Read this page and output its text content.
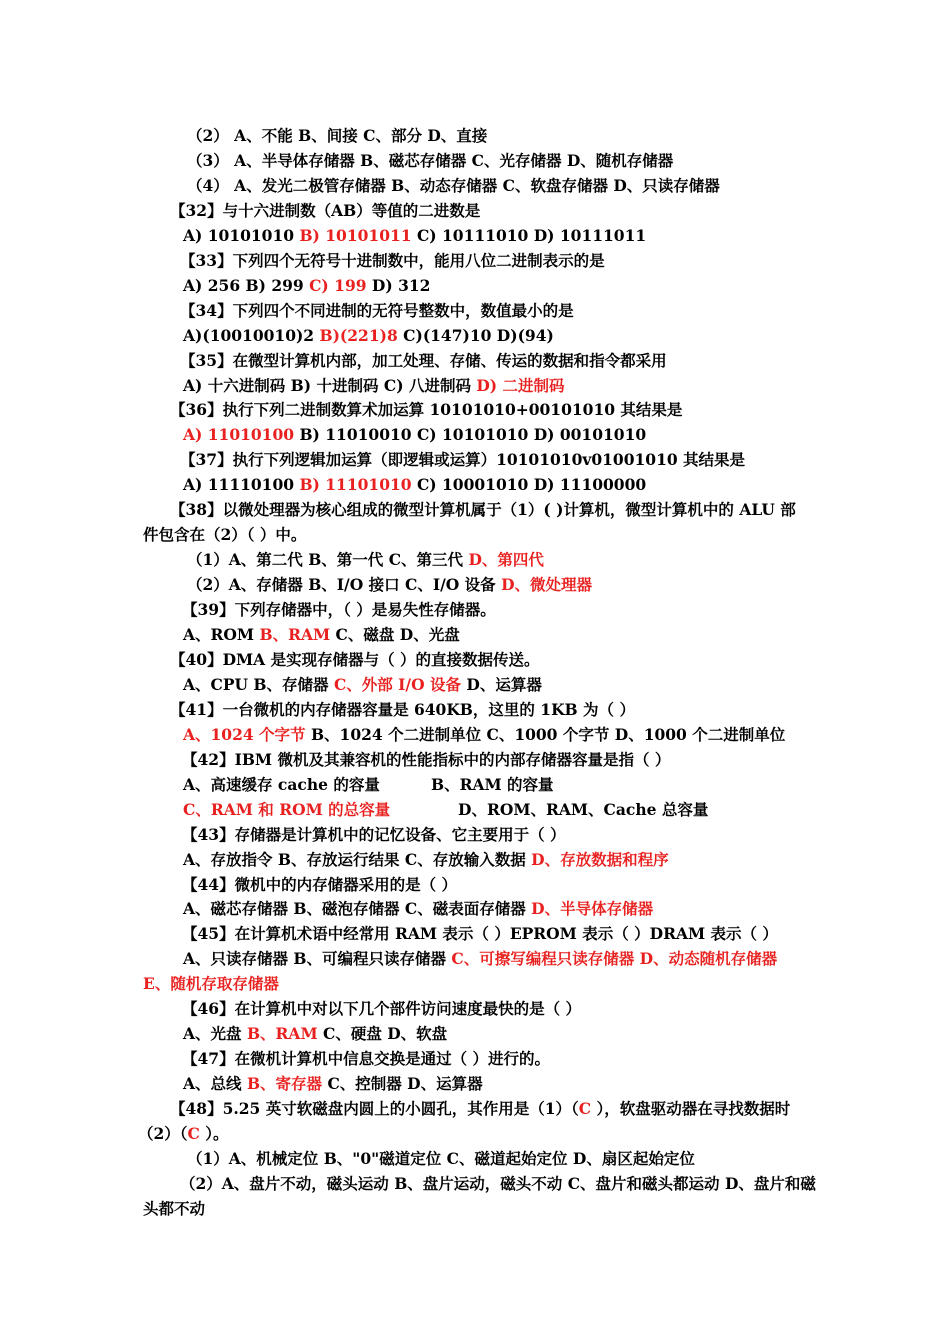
（2） A、不能 B、间接 C、部分 D、直接
（3） A、半导体存储器 B、磁芯存储器 C、光存储器 D、随机存储器
（4） A、发光二极管存储器 B、动态存储器 C、软盘存储器 D、只读存储器
【32】与十六进制数（AB）等值的二进数是
A) 10101010 B) 10101011 C) 10111010 D) 10111011
【33】下列四个无符号十进制数中，能用八位二进制表示的是
A) 256 B) 299 C) 199 D) 312
【34】下列四个不同进制的无符号整数中，数值最小的是
A)(10010010)2 B)(221)8 C)(147)10 D)(94)
【35】在微型计算机内部，加工处理、存储、传运的数据和指令都采用
A) 十六进制码 B) 十进制码 C) 八进制码 D) 二进制码
【36】执行下列二进制数算术加运算 10101010+00101010 其结果是
A) 11010100 B) 11010010 C) 10101010 D) 00101010
【37】执行下列逻辑加运算（即逻辑或运算）10101010v01001010 其结果是
A) 11110100 B) 11101010 C) 10001010 D) 11100000
【38】以微处理器为核心组成的微型计算机属于（1）( )计算机，微型计算机中的 ALU 部
件包含在（2）（ ）中。
（1）A、第二代 B、第一代 C、第三代 D、第四代
（2）A、存储器 B、I/O 接口 C、I/O 设备 D、微处理器
【39】下列存储器中，（ ）是易失性存储器。
A、ROM B、RAM C、磁盘 D、光盘
【40】DMA 是实现存储器与（ ）的直接数据传送。
A、CPU B、存储器 C、外部 I/O 设备 D、运算器
【41】一台微机的内存储器容量是 640KB，这里的 1KB 为（ ）
A、1024 个字节 B、1024 个二进制单位 C、1000 个字节 D、1000 个二进制单位
【42】IBM 微机及其兼容机的性能指标中的内部存储器容量是指（ ）
A、高速缓存 cache 的容量	B、RAM 的容量
C、RAM 和 ROM 的总容量	D、ROM、RAM、Cache 总容量
【43】存储器是计算机中的记忆设备、它主要用于（ ）
A、存放指令 B、存放运行结果 C、存放输入数据 D、存放数据和程序
【44】微机中的内存储器采用的是（ ）
A、磁芯存储器 B、磁泡存储器 C、磁表面存储器 D、半导体存储器
【45】在计算机术语中经常用 RAM 表示（ ）EPROM 表示（ ）DRAM 表示（ ）
A、只读存储器 B、可编程只读存储器 C、可擦写编程只读存储器 D、动态随机存储器
E、随机存取存储器
【46】在计算机中对以下几个部件访问速度最快的是（ ）
A、光盘 B、RAM C、硬盘 D、软盘
【47】在微机计算机中信息交换是通过（ ）进行的。
A、总线 B、寄存器 C、控制器 D、运算器
【48】5.25 英寸软磁盘内圆上的小圆孔，其作用是（1）（C ），软盘驱动器在寻找数据时
（2）（C ）。
（1）A、机械定位 B、"0"磁道定位 C、磁道起始定位 D、扇区起始定位
（2）A、盘片不动，磁头运动 B、盘片运动，磁头不动 C、盘片和磁头都运动 D、盘片和磁
头都不动
